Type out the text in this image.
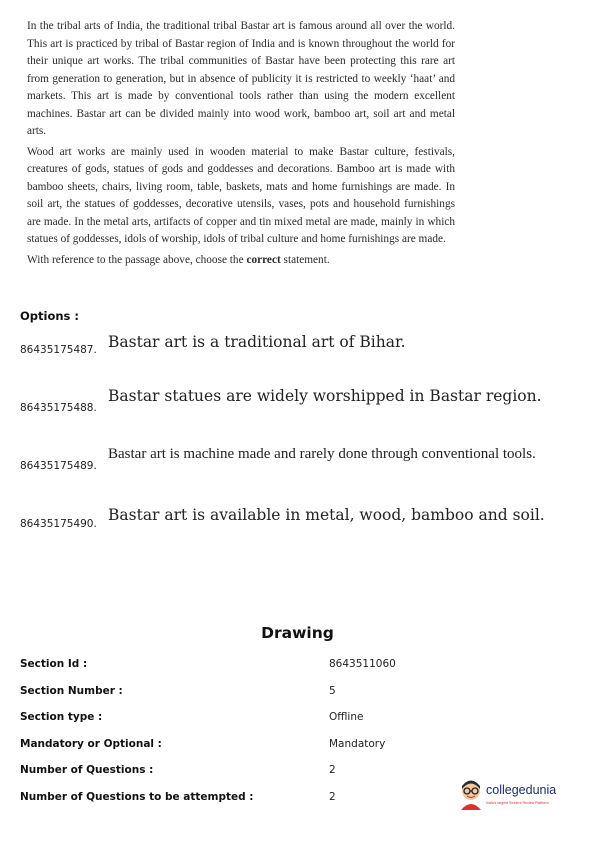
In the tribal arts of India, the traditional tribal Bastar art is famous around all over the world. This art is practiced by tribal of Bastar region of India and is known throughout the world for their unique art works. The tribal communities of Bastar have been protecting this rare art from generation to generation, but in absence of publicity it is restricted to weekly ‘haat’ and markets. This art is made by conventional tools rather than using the modern excellent machines. Bastar art can be divided mainly into wood work, bamboo art, soil art and metal arts.

Wood art works are mainly used in wooden material to make Bastar culture, festivals, creatures of gods, statues of gods and goddesses and decorations. Bamboo art is made with bamboo sheets, chairs, living room, table, baskets, mats and home furnishings are made. In soil art, the statues of goddesses, decorative utensils, vases, pots and household furnishings are made. In the metal arts, artifacts of copper and tin mixed metal are made, mainly in which statues of goddesses, idols of worship, idols of tribal culture and home furnishings are made.

With reference to the passage above, choose the correct statement.

Options :
86435175487. Bastar art is a traditional art of Bihar.
86435175488.
Bastar statues are widely worshipped in Bastar region.
86435175489.
Bastar art is machine made and rarely done through conventional tools.
86435175490. Bastar art is available in metal, wood, bamboo and soil.
Drawing
Section Id :	8643511060
Section Number :	5
Section type :	Offline
Mandatory or Optional :	Mandatory
Number of Questions :	2
Number of Questions to be attempted :	2	collegedunia
India's largest Student Review Platform
